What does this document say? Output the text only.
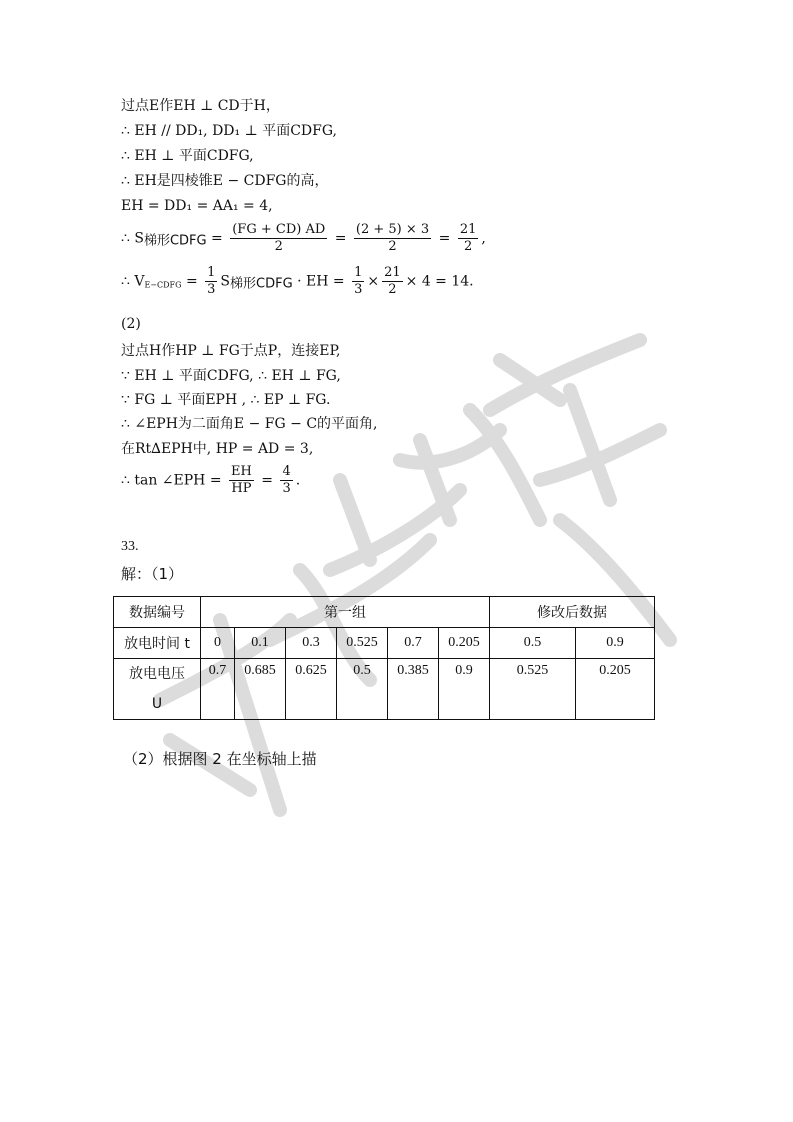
中职生逆袭
过点E作EH ⊥ CD于H，
∴ EH // DD₁, DD₁ ⊥ 平面CDFG,
∴ EH ⊥ 平面CDFG,
∴ EH是四棱锥E − CDFG的高，
EH = DD₁ = AA₁ = 4,
∴ S梯形CDFG = $\frac{(FG + CD) AD}{2} = \frac{(2 + 5) \times 3}{2} = \frac{21}{2}$ ,
∴ VE−CDFG = $\frac{1}{3}$ S梯形CDFG · EH = $\frac{1}{3} \times \frac{21}{2} \times 4 = 14$.
(2)
过点H作HP ⊥ FG于点P，连接EP,
∵ EH ⊥ 平面CDFG, ∴ EH ⊥ FG,
∵ FG ⊥ 平面EPH , ∴ EP ⊥ FG.
∴ ∠EPH为二面角E − FG − C的平面角,
在Rt∆EPH中, HP = AD = 3,
∴ tan ∠EPH = $\frac{EH}{HP} = \frac{4}{3}$ .
33.
解：（1）
数据编号	第一组						修改后数据	
放电时间 t	0	0.1	0.3	0.525	0.7	0.205	0.5	0.9

放电电压
U	0.7	0.685	0.625	0.5	0.385	0.9	0.525	0.205
（2）根据图 2 在坐标轴上描
